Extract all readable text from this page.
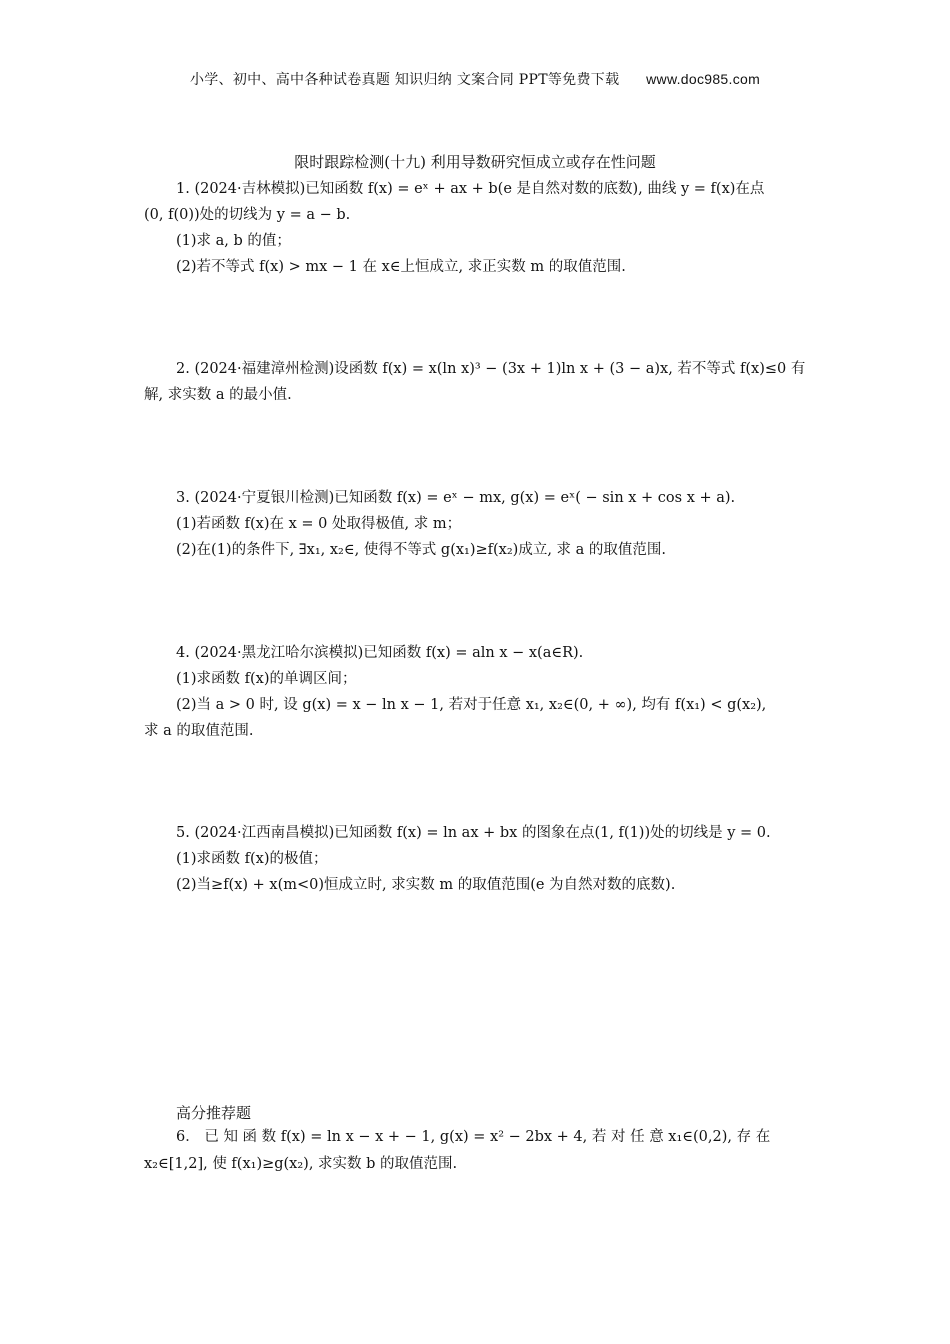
小学、初中、高中各种试卷真题 知识归纳 文案合同 PPT等免费下载 www.doc985.com
限时跟踪检测(十九) 利用导数研究恒成立或存在性问题
1. (2024·吉林模拟)已知函数 f(x) = eˣ + ax + b(e 是自然对数的底数), 曲线 y = f(x)在点
(0, f(0))处的切线为 y = a − b.
(1)求 a, b 的值；
(2)若不等式 f(x) > mx − 1 在 x∈上恒成立, 求正实数 m 的取值范围.
2. (2024·福建漳州检测)设函数 f(x) = x(ln x)³ − (3x + 1)ln x + (3 − a)x, 若不等式 f(x)≤0 有
解, 求实数 a 的最小值.
3. (2024·宁夏银川检测)已知函数 f(x) = eˣ − mx, g(x) = eˣ( − sin x + cos x + a).
(1)若函数 f(x)在 x = 0 处取得极值, 求 m；
(2)在(1)的条件下, ∃x₁, x₂∈, 使得不等式 g(x₁)≥f(x₂)成立, 求 a 的取值范围.
4. (2024·黑龙江哈尔滨模拟)已知函数 f(x) = aln x − x(a∈R).
(1)求函数 f(x)的单调区间；
(2)当 a > 0 时, 设 g(x) = x − ln x − 1, 若对于任意 x₁, x₂∈(0, + ∞), 均有 f(x₁) < g(x₂),
求 a 的取值范围.
5. (2024·江西南昌模拟)已知函数 f(x) = ln ax + bx 的图象在点(1, f(1))处的切线是 y = 0.
(1)求函数 f(x)的极值；
(2)当≥f(x) + x(m<0)恒成立时, 求实数 m 的取值范围(e 为自然对数的底数).
高分推荐题
6． 已 知 函 数 f(x) = ln x − x + − 1, g(x) = x² − 2bx + 4, 若 对 任 意 x₁∈(0,2), 存 在
x₂∈[1,2], 使 f(x₁)≥g(x₂), 求实数 b 的取值范围.
